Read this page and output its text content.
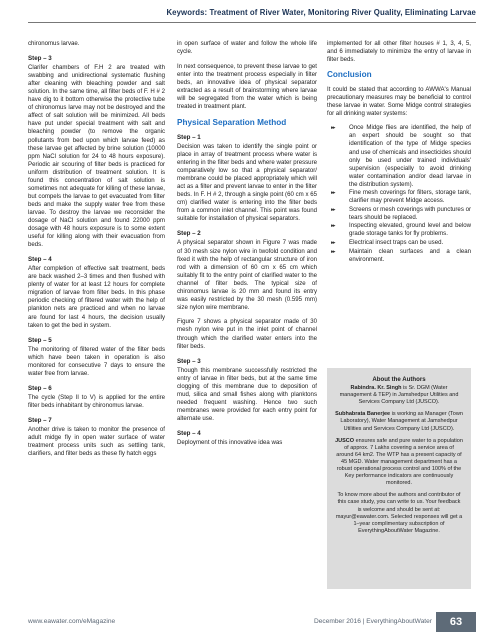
Keywords: Treatment of River Water, Monitoring River Quality, Eliminating Larvae

chironomus larvae.

Step – 3

Clarifer chambers of F.H 2 are treated with swabbing and unidirectional systematic flushing after cleaning with bleaching powder and salt solution. In the same time, all filter beds of F. H # 2 have dig to it bottom otherwise the protective tube of chironomus larve may not be destroyed and the affect of salt solution will be minimized. All beds have put under special treatment with salt and bleaching powder (to remove the organic pollutants from bed upon which larvae feed) as these larvae get affected by brine solution (10000 ppm NaCl solution for 24 to 48 hours exposure). Periodic air scouring of filter beds is practiced for uniform distribution of treatment solution. It is found this concentration of salt solution is sometimes not adequate for killing of these larvae, but compels the larvae to get evacuated from filter beds and make the supply water free from these larvae. To destroy the larvae we reconsider the dosage of NaCl solution and found 22000 ppm dosage with 48 hours exposure is to some extent useful for killing along with their evacuation from beds.

Step – 4

After completion of effective salt treatment, beds are back washed 2–3 times and then flushed with plenty of water for at least 12 hours for complete migration of larvae from filter beds. In this phase periodic checking of filtered water with the help of plankton nets are practiced and when no larvae are found for last 4 hours, the decision usually taken to get the bed in system.

Step – 5

The monitoring of filtered water of the filter beds which have been taken in operation is also monitored for consecutive 7 days to ensure the water free from larvae.

Step – 6

The cycle (Step II to V) is applied for the entire filter beds inhabitant by chironomus larvae.

Step – 7

Another drive is taken to monitor the presence of adult midge fly in open water surface of water treatment process units such as settling tank, clarifiers, and filter beds as these fly hatch eggs

in open surface of water and follow the whole life cycle.

In next consequence, to prevent these larvae to get enter into the treatment process especially in filter beds, an innovative idea of physical separator extracted as a result of brainstorming where larvae will be segregated from the water which is being treated in treatment plant.

Physical Separation Method
Step – 1

Decision was taken to identify the single point or place in array of treatment process where water is entering in the filter beds and where water pressure comparatively low so that a physical separator/ membrane could be placed appropriately which will act as a filter and prevent larvae to enter in the filter beds. In F. H # 2, through a single point (60 cm x 65 cm) clarified water is entering into the filter beds from a common inlet channel. This point was found suitable for installation of physical separators.

Step – 2

A physical separator shown in Figure 7 was made of 30 mesh size nylon wire in twofold condition and fixed it with the help of rectangular structure of iron rod with a dimension of 60 cm x 65 cm which suitably fit to the entry point of clarified water to the channel of filter beds. The typical size of chironomus larvae is 20 mm and found its entry was easily restricted by the 30 mesh (0.595 mm) size nylon wire membrane.

Figure 7 shows a physical separator made of 30 mesh nylon wire put in the inlet point of channel through which the clarified water enters into the filter beds.

Step – 3

Though this membrane successfully restricted the entry of larvae in filter beds, but at the same time clogging of this membrane due to deposition of mud, silica and small fishes along with planktons needed frequent washing. Hence two such membranes were provided for each entry point for alternate use.

Step – 4

Deployment of this innovative idea was

implemented for all other filter houses # 1, 3, 4, 5, and 6 immediately to minimize the entry of larvae in filter beds.

Conclusion

It could be stated that according to AWWA's Manual precautionary measures may be beneficial to control these larvae in water. Some Midge control strategies for all drinking water systems:

▸▸ Once Midge flies are identified, the help of an expert should be sought so that identification of the type of Midge species and use of chemicals and insecticides should only be used under trained individuals' supervision (especially to avoid drinking water contamination and/or dead larvae in the distribution system).
▸▸ Fine mesh coverings for filters, storage tank, clarifier may prevent Midge access.
▸▸ Screens or mesh coverings with punctures or tears should be replaced.
▸▸ Inspecting elevated, ground level and below grade storage tanks for fly problems.
▸▸ Electrical insect traps can be used.
▸▸ Maintain clean surfaces and a clean environment.
About the Authors

Rabindra. Kr. Singh is Sr. DGM (Water management & TEP) in Jamshedpur Utilities and Services Company Ltd (JUSCO).

Subhabrata Banerjee is working as Manager (Town Laboratory), Water Management at Jamshedpur Utilities and Services Company Ltd (JUSCO).

JUSCO ensures safe and pure water to a population of approx. 7 Lakhs covering a service area of around 64 km2. The WTP has a present capacity of 45 MGD. Water management department has a robust operational process control and 100% of the Key performance indicators are continuously monitored.

To know more about the authors and contributor of this case study, you can write to us. Your feedback is welcome and should be sent at: mayur@eawater.com. Selected responses will get a 1–year complimentary subscription of EverythingAboutWater Magazine.

www.eawater.com/eMagazine	December 2016 | EverythingAboutWater	63
